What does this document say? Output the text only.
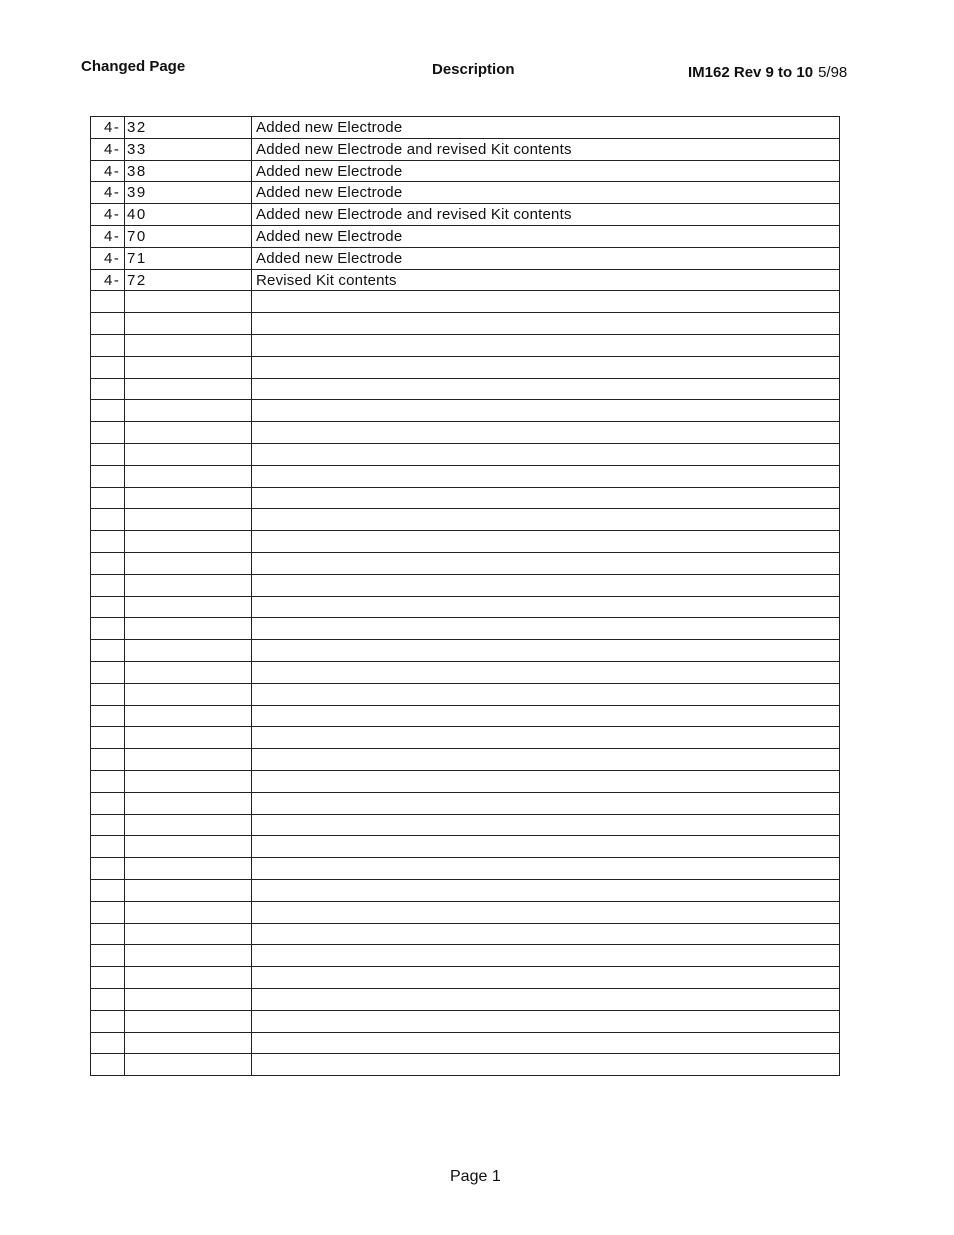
Changed Page	Description	IM162 Rev 9 to 10 5/98
4- 32	Added new Electrode
4- 33	Added new Electrode and revised Kit contents
4- 38	Added new Electrode
4- 39	Added new Electrode
4- 40	Added new Electrode and revised Kit contents
4- 70	Added new Electrode
4- 71	Added new Electrode
4- 72	Revised Kit contents
Page 1
